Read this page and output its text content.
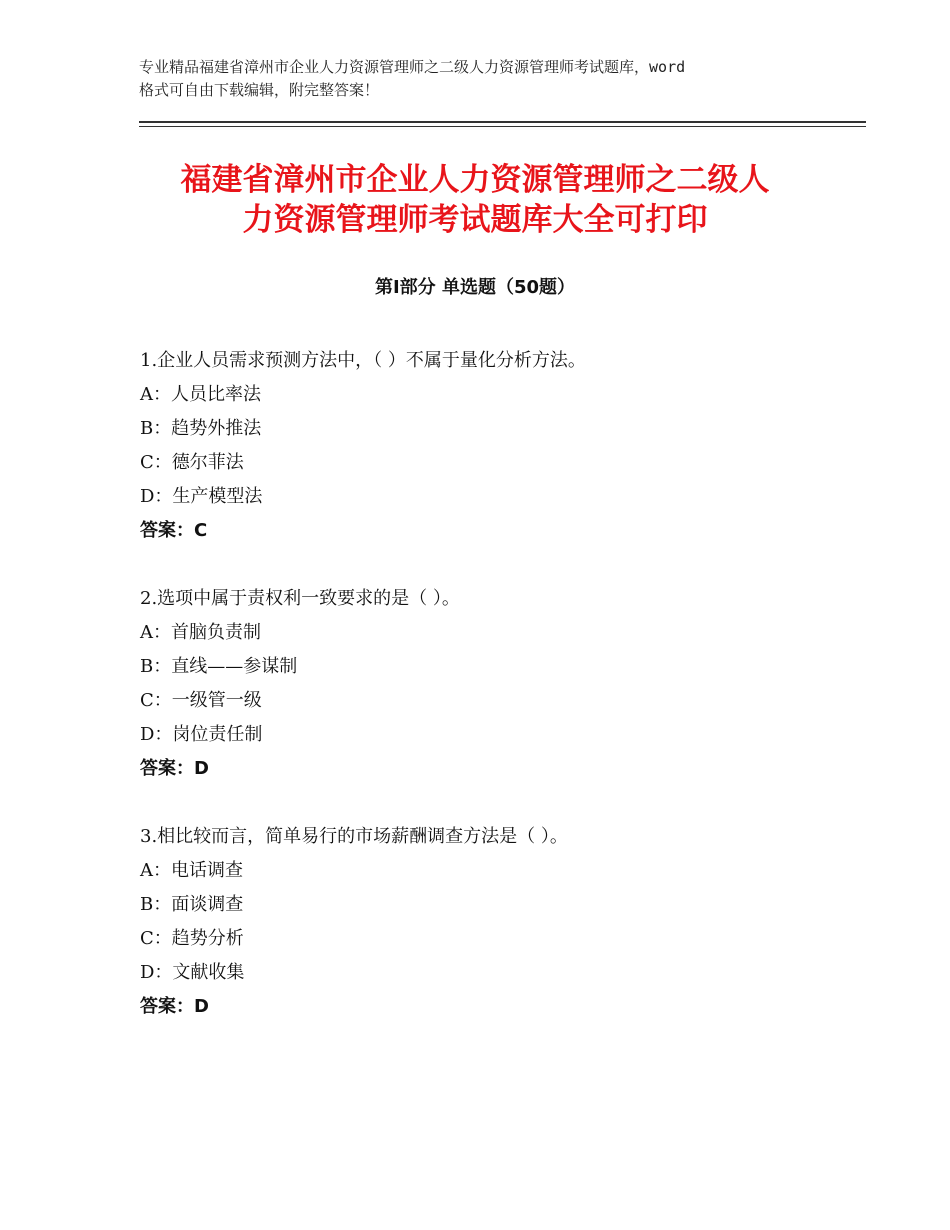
专业精品福建省漳州市企业人力资源管理师之二级人力资源管理师考试题库，word
格式可自由下载编辑，附完整答案！
福建省漳州市企业人力资源管理师之二级人
力资源管理师考试题库大全可打印
第Ⅰ部分 单选题（50题）
1.企业人员需求预测方法中，（ ）不属于量化分析方法。
A：人员比率法
B：趋势外推法
C：德尔菲法
D：生产模型法
答案：C
2.选项中属于责权利一致要求的是（ ）。
A：首脑负责制
B：直线——参谋制
C：一级管一级
D：岗位责任制
答案：D
3.相比较而言，简单易行的市场薪酬调查方法是（ ）。
A：电话调查
B：面谈调查
C：趋势分析
D：文献收集
答案：D
